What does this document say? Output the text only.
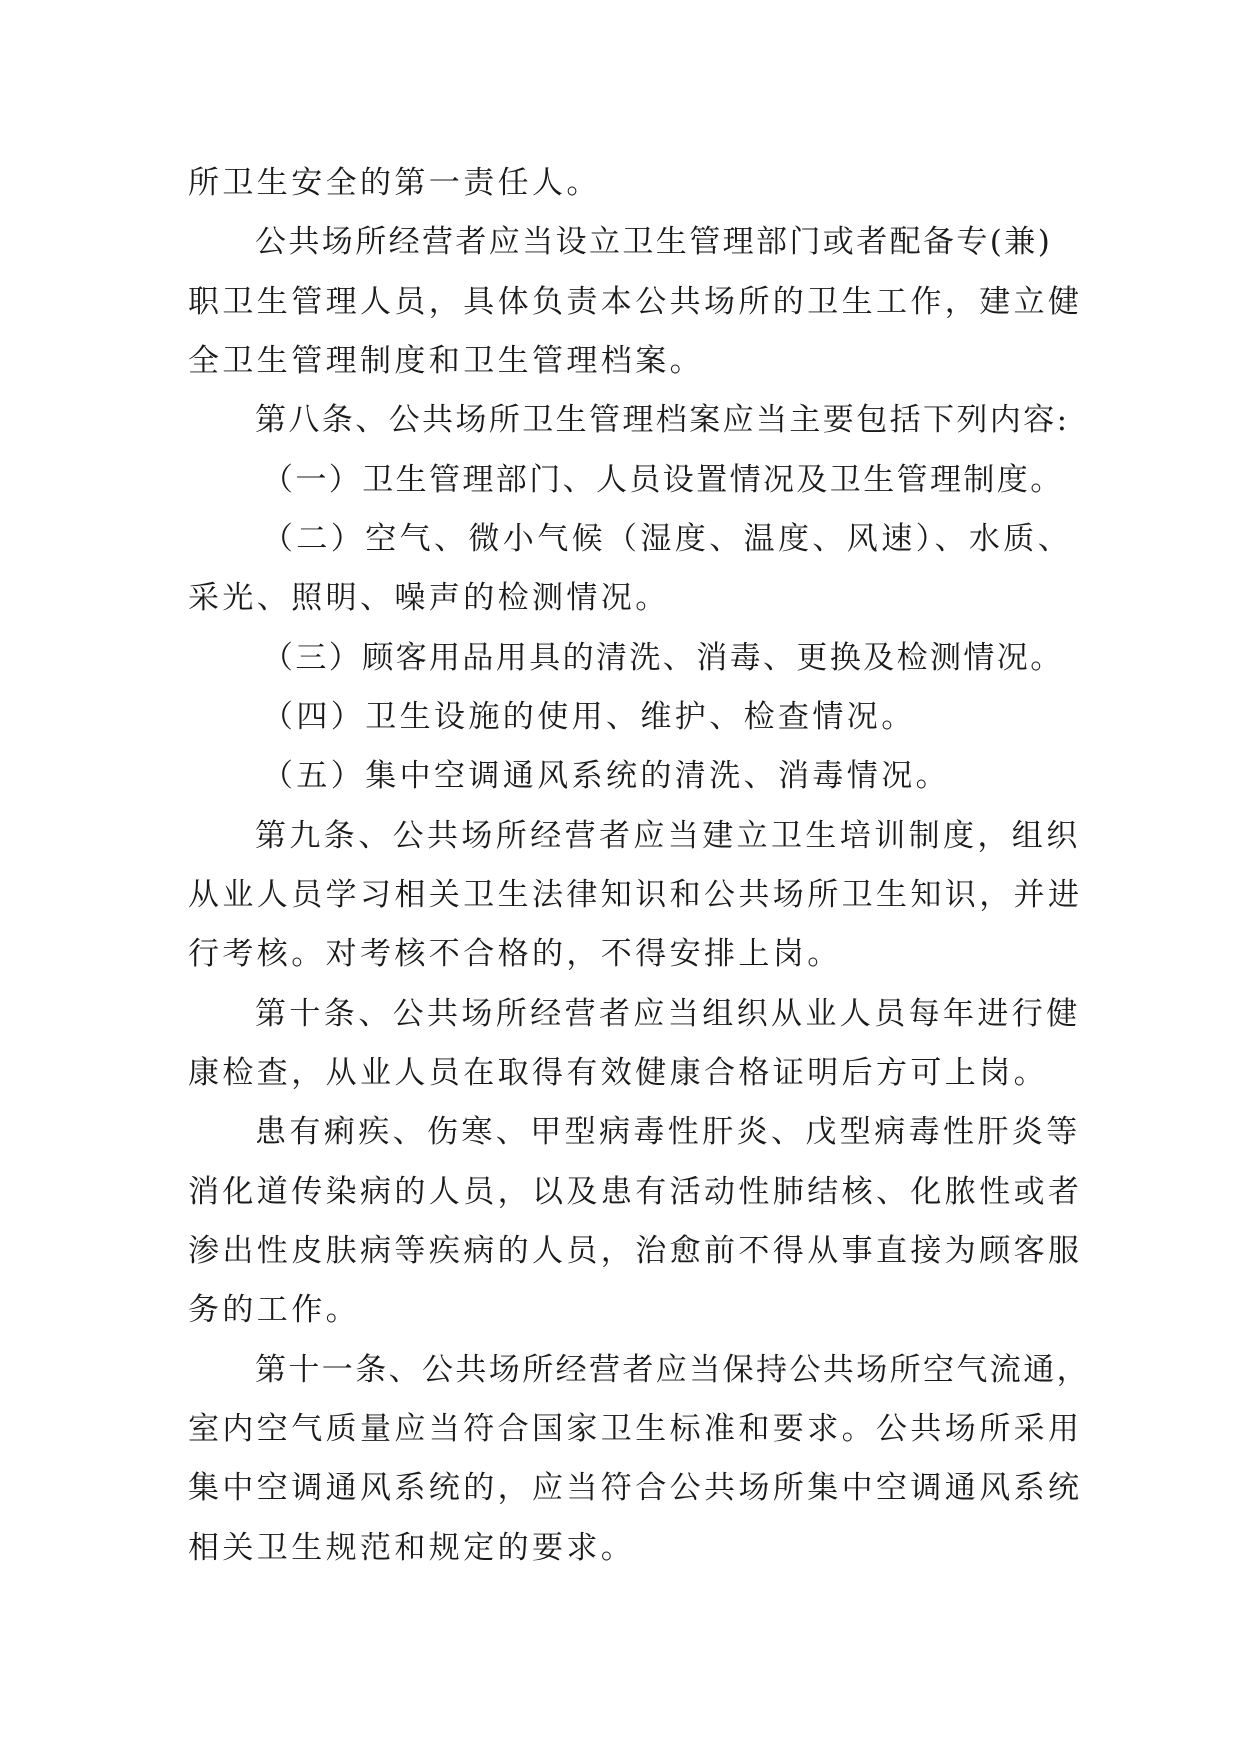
所卫生安全的第一责任人。
公共场所经营者应当设立卫生管理部门或者配备专(兼)
职卫生管理人员，具体负责本公共场所的卫生工作，建立健
全卫生管理制度和卫生管理档案。
第八条、公共场所卫生管理档案应当主要包括下列内容:
（一）卫生管理部门、人员设置情况及卫生管理制度。
（二）空气、微小气候（湿度、温度、风速）、水质、
采光、照明、噪声的检测情况。
（三）顾客用品用具的清洗、消毒、更换及检测情况。
（四）卫生设施的使用、维护、检查情况。
（五）集中空调通风系统的清洗、消毒情况。
第九条、公共场所经营者应当建立卫生培训制度，组织
从业人员学习相关卫生法律知识和公共场所卫生知识，并进
行考核。对考核不合格的，不得安排上岗。
第十条、公共场所经营者应当组织从业人员每年进行健
康检查，从业人员在取得有效健康合格证明后方可上岗。
患有痢疾、伤寒、甲型病毒性肝炎、戊型病毒性肝炎等
消化道传染病的人员，以及患有活动性肺结核、化脓性或者
渗出性皮肤病等疾病的人员，治愈前不得从事直接为顾客服
务的工作。
第十一条、公共场所经营者应当保持公共场所空气流通，
室内空气质量应当符合国家卫生标准和要求。公共场所采用
集中空调通风系统的，应当符合公共场所集中空调通风系统
相关卫生规范和规定的要求。
